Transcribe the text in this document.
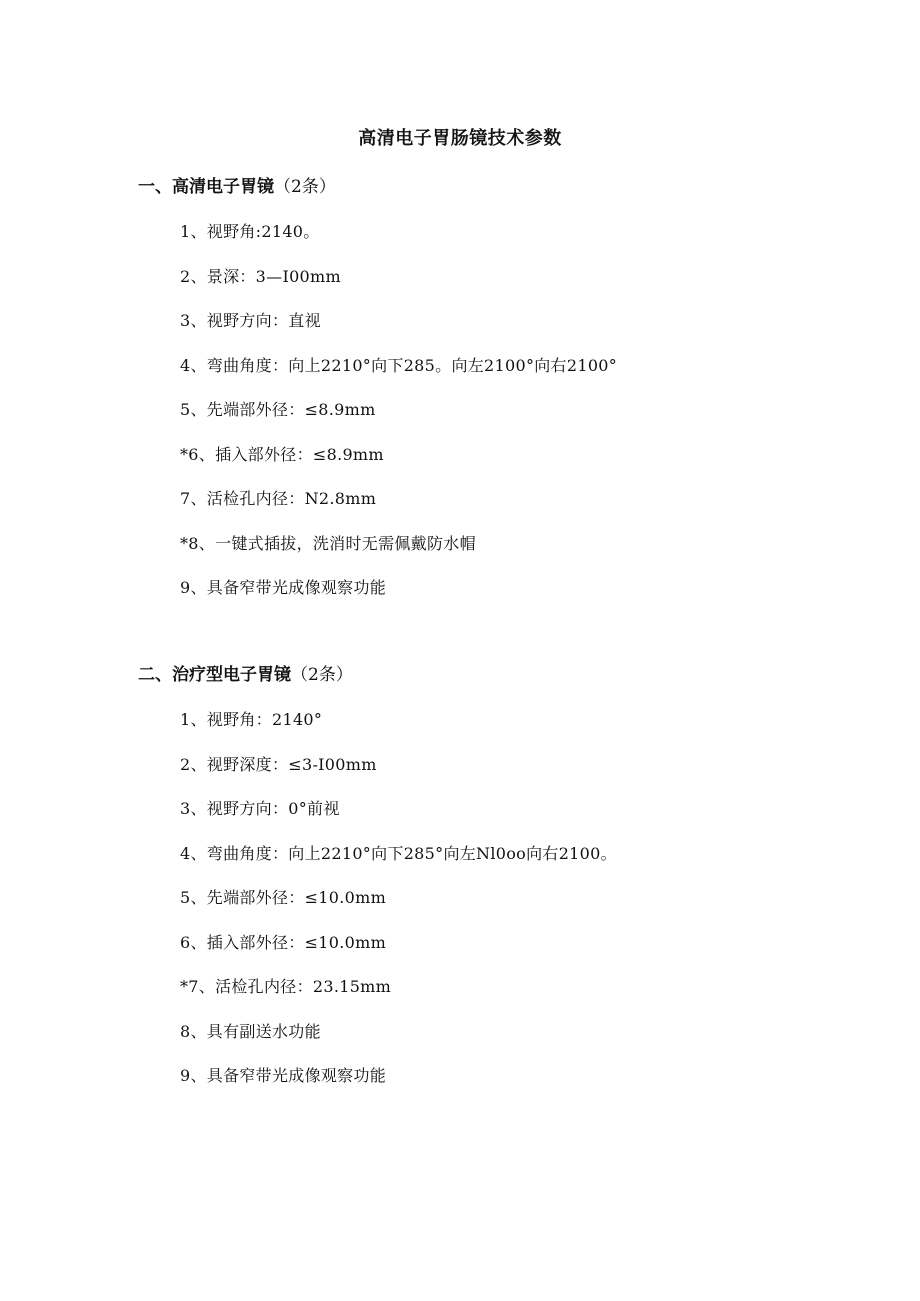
高清电子胃肠镜技术参数
一、高清电子胃镜（2条）
1、视野角:2140。
2、景深：3—I00mm
3、视野方向：直视
4、弯曲角度：向上2210°向下285。向左2100°向右2100°
5、先端部外径：≤8.9mm
*6、插入部外径：≤8.9mm
7、活检孔内径：N2.8mm
*8、一键式插拔，洗消时无需佩戴防水帽
9、具备窄带光成像观察功能
二、治疗型电子胃镜（2条）
1、视野角：2140°
2、视野深度：≤3-I00mm
3、视野方向：0°前视
4、弯曲角度：向上2210°向下285°向左Nl0oo向右2100。
5、先端部外径：≤10.0mm
6、插入部外径：≤10.0mm
*7、活检孔内径：23.15mm
8、具有副送水功能
9、具备窄带光成像观察功能
